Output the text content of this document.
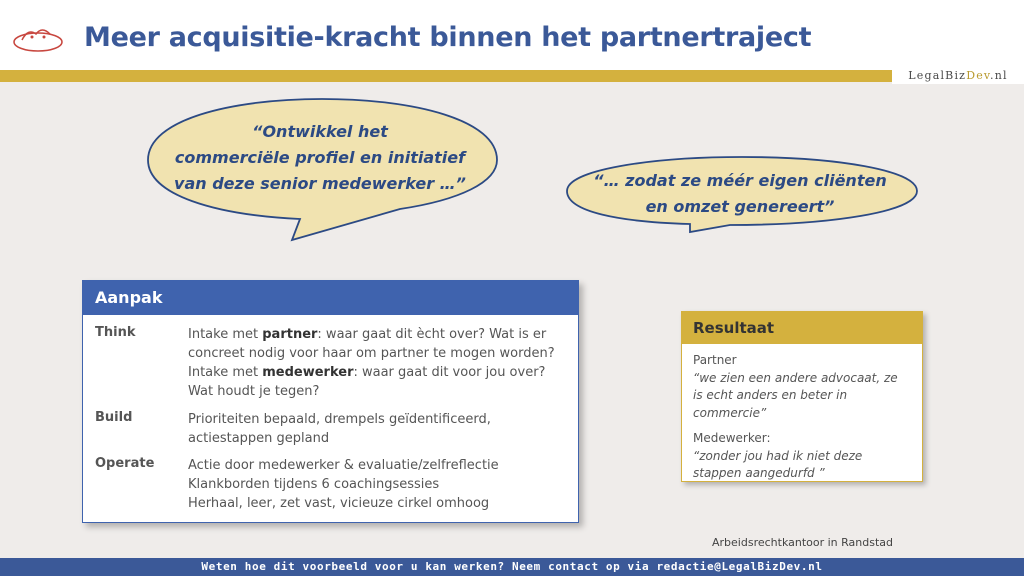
Meer acquisitie-kracht binnen het partnertraject
LegalBizDev.nl
“Ontwikkel het
commerciële profiel en initiatief
van deze senior medewerker …”	“… zodat ze méér eigen cliënten
en omzet genereert”
Aanpak
Think	Intake met partner: waar gaat dit ècht over? Wat is er concreet nodig voor haar om partner te mogen worden?
Intake met medewerker: waar gaat dit voor jou over? Wat houdt je tegen?
Build	Prioriteiten bepaald, drempels geïdentificeerd, actiestappen gepland
Operate	Actie door medewerker & evaluatie/zelfreflectie
Klankborden tijdens 6 coachingsessies
Herhaal, leer, zet vast, vicieuze cirkel omhoog
Resultaat
Partner
“we zien een andere advocaat, ze is echt anders en beter in commercie”
Medewerker:
“zonder jou had ik niet deze stappen aangedurfd ”
Arbeidsrechtkantoor in Randstad
Weten hoe dit voorbeeld voor u kan werken? Neem contact op via redactie@LegalBizDev.nl
